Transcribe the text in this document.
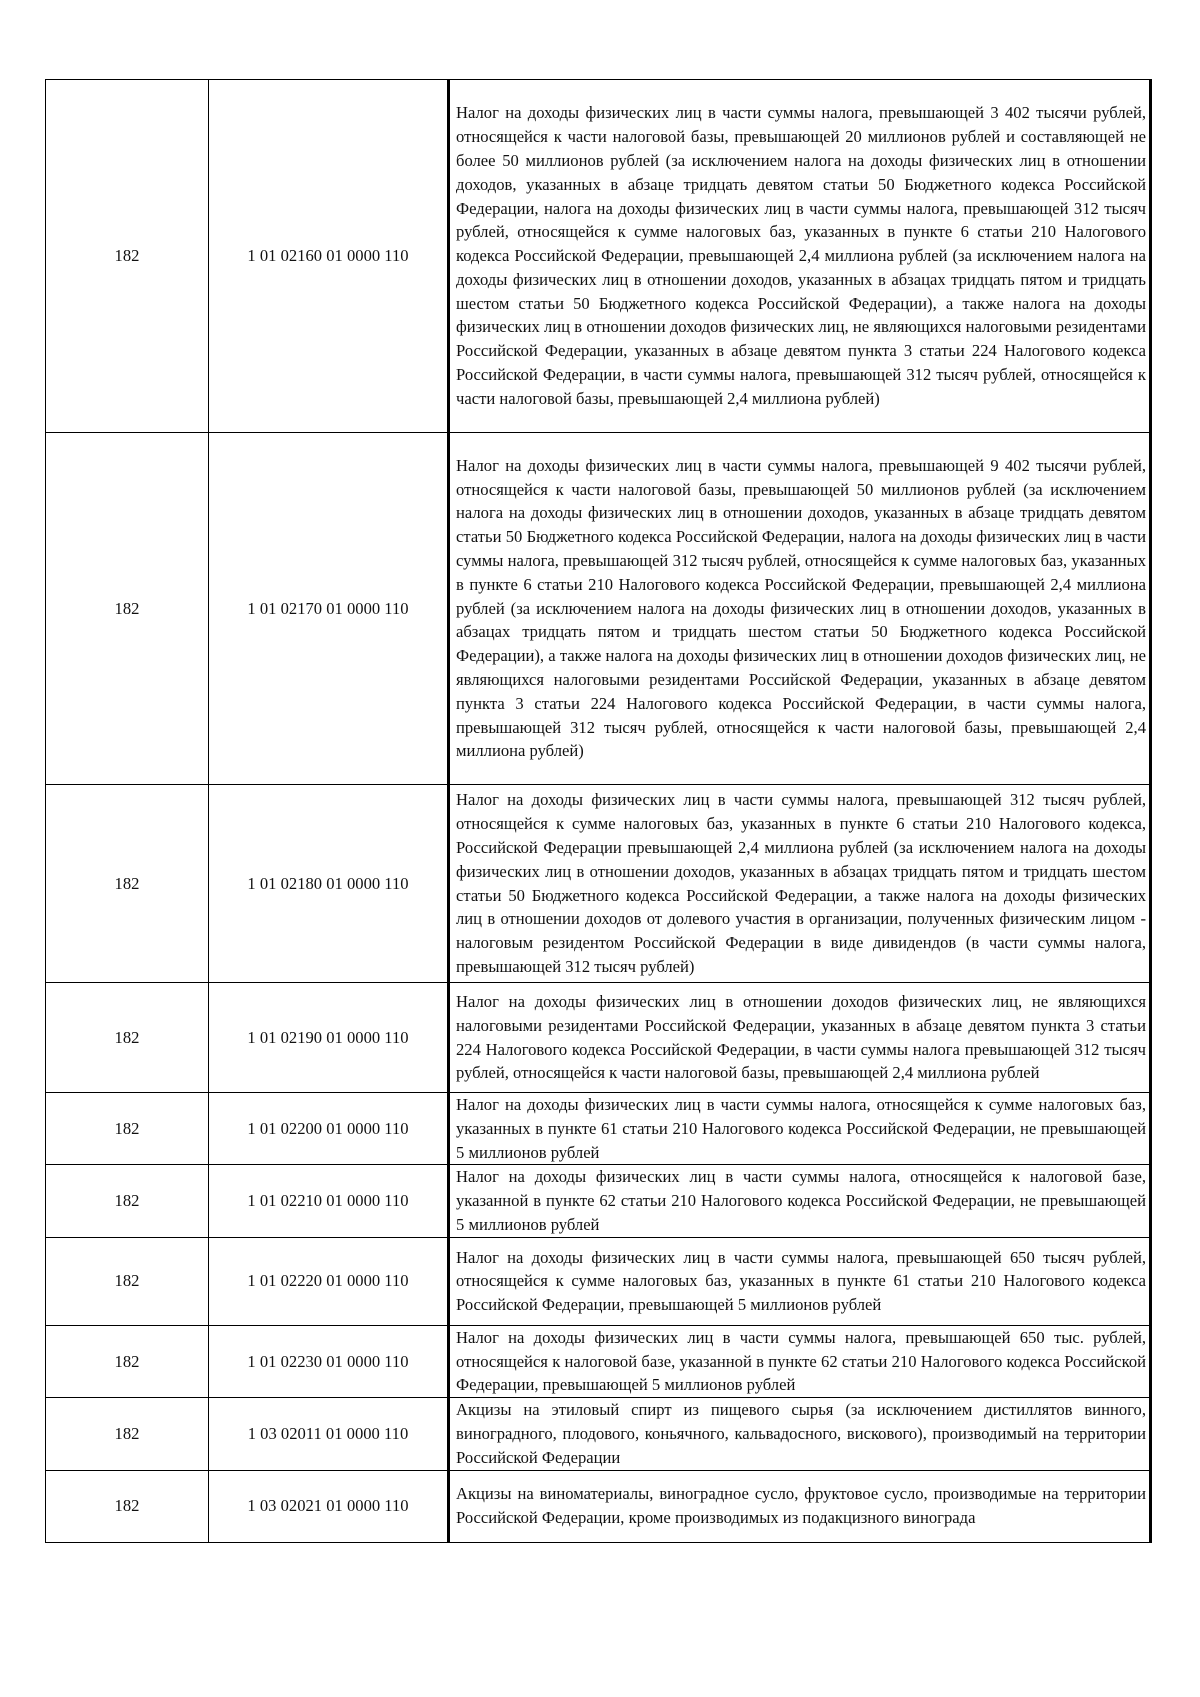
182	1 01 02160 01 0000 110	Налог на доходы физических лиц в части суммы налога, превышающей 3 402 тысячи рублей, относящейся к части налоговой базы, превышающей 20 миллионов рублей и составляющей не более 50 миллионов рублей (за исключением налога на доходы физических лиц в отношении доходов, указанных в абзаце тридцать девятом статьи 50 Бюджетного кодекса Российской Федерации, налога на доходы физических лиц в части суммы налога, превышающей 312 тысяч рублей, относящейся к сумме налоговых баз, указанных в пункте 6 статьи 210 Налогового кодекса Российской Федерации, превышающей 2,4 миллиона рублей (за исключением налога на доходы физических лиц в отношении доходов, указанных в абзацах тридцать пятом и тридцать шестом статьи 50 Бюджетного кодекса Российской Федерации), а также налога на доходы физических лиц в отношении доходов физических лиц, не являющихся налоговыми резидентами Российской Федерации, указанных в абзаце девятом пункта 3 статьи 224 Налогового кодекса Российской Федерации, в части суммы налога, превышающей 312 тысяч рублей, относящейся к части налоговой базы, превышающей 2,4 миллиона рублей)
182	1 01 02170 01 0000 110	Налог на доходы физических лиц в части суммы налога, превышающей 9 402 тысячи рублей, относящейся к части налоговой базы, превышающей 50 миллионов рублей (за исключением налога на доходы физических лиц в отношении доходов, указанных в абзаце тридцать девятом статьи 50 Бюджетного кодекса Российской Федерации, налога на доходы физических лиц в части суммы налога, превышающей 312 тысяч рублей, относящейся к сумме налоговых баз, указанных в пункте 6 статьи 210 Налогового кодекса Российской Федерации, превышающей 2,4 миллиона рублей (за исключением налога на доходы физических лиц в отношении доходов, указанных в абзацах тридцать пятом и тридцать шестом статьи 50 Бюджетного кодекса Российской Федерации), а также налога на доходы физических лиц в отношении доходов физических лиц, не являющихся налоговыми резидентами Российской Федерации, указанных в абзаце девятом пункта 3 статьи 224 Налогового кодекса Российской Федерации, в части суммы налога, превышающей 312 тысяч рублей, относящейся к части налоговой базы, превышающей 2,4 миллиона рублей)
182	1 01 02180 01 0000 110	Налог на доходы физических лиц в части суммы налога, превышающей 312 тысяч рублей, относящейся к сумме налоговых баз, указанных в пункте 6 статьи 210 Налогового кодекса, Российской Федерации превышающей 2,4 миллиона рублей (за исключением налога на доходы физических лиц в отношении доходов, указанных в абзацах тридцать пятом и тридцать шестом статьи 50 Бюджетного кодекса Российской Федерации, а также налога на доходы физических лиц в отношении доходов от долевого участия в организации, полученных физическим лицом - налоговым резидентом Российской Федерации в виде дивидендов (в части суммы налога, превышающей 312 тысяч рублей)
182	1 01 02190 01 0000 110	Налог на доходы физических лиц в отношении доходов физических лиц, не являющихся налоговыми резидентами Российской Федерации, указанных в абзаце девятом пункта 3 статьи 224 Налогового кодекса Российской Федерации, в части суммы налога превышающей 312 тысяч рублей, относящейся к части налоговой базы, превышающей 2,4 миллиона рублей
182	1 01 02200 01 0000 110	Налог на доходы физических лиц в части суммы налога, относящейся к сумме налоговых баз, указанных в пункте 61 статьи 210 Налогового кодекса Российской Федерации, не превышающей 5 миллионов рублей
182	1 01 02210 01 0000 110	Налог на доходы физических лиц в части суммы налога, относящейся к налоговой базе, указанной в пункте 62 статьи 210 Налогового кодекса Российской Федерации, не превышающей 5 миллионов рублей
182	1 01 02220 01 0000 110	Налог на доходы физических лиц в части суммы налога, превышающей 650 тысяч рублей, относящейся к сумме налоговых баз, указанных в пункте 61 статьи 210 Налогового кодекса Российской Федерации, превышающей 5 миллионов рублей
182	1 01 02230 01 0000 110	Налог на доходы физических лиц в части суммы налога, превышающей 650 тыс. рублей, относящейся к налоговой базе, указанной в пункте 62 статьи 210 Налогового кодекса Российской Федерации, превышающей 5 миллионов рублей
182	1 03 02011 01 0000 110	Акцизы на этиловый спирт из пищевого сырья (за исключением дистиллятов винного, виноградного, плодового, коньячного, кальвадосного, вискового), производимый на территории Российской Федерации
182	1 03 02021 01 0000 110	Акцизы на виноматериалы, виноградное сусло, фруктовое сусло, производимые на территории Российской Федерации, кроме производимых из подакцизного винограда
